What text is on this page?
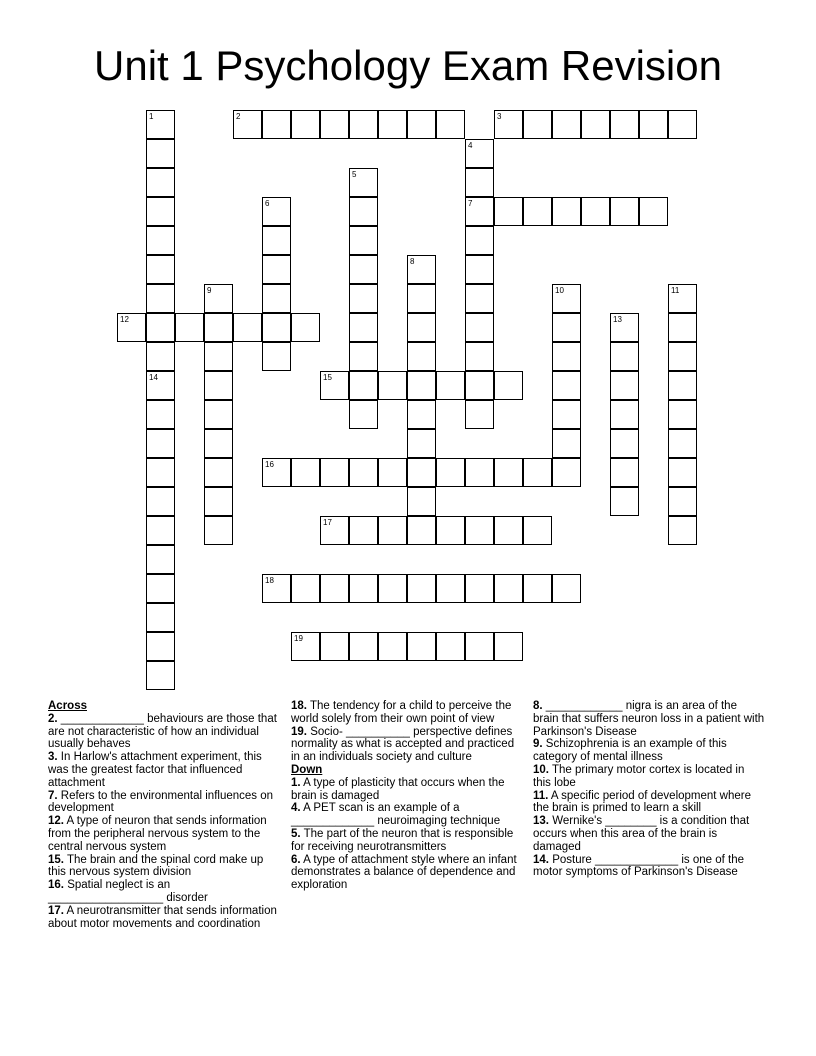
Unit 1 Psychology Exam Revision
1
14
2	3
4
7
5
6
8
9	10	11
12	13
15
16
17
18
19
Across
2. _____________ behaviours are those that are not characteristic of how an individual usually behaves
3. In Harlow's attachment experiment, this was the greatest factor that influenced attachment
7. Refers to the environmental influences on development
12. A type of neuron that sends information from the peripheral nervous system to the central nervous system
15. The brain and the spinal cord make up this nervous system division
16. Spatial neglect is an __________________ disorder
17. A neurotransmitter that sends information about motor movements and coordination
18. The tendency for a child to perceive the world solely from their own point of view
19. Socio- __________ perspective defines normality as what is accepted and practiced in an individuals society and culture
Down
1. A type of plasticity that occurs when the brain is damaged
4. A PET scan is an example of a _____________ neuroimaging technique
5. The part of the neuron that is responsible for receiving neurotransmitters
6. A type of attachment style where an infant demonstrates a balance of dependence and exploration
8. ____________ nigra is an area of the brain that suffers neuron loss in a patient with Parkinson's Disease
9. Schizophrenia is an example of this category of mental illness
10. The primary motor cortex is located in this lobe
11. A specific period of development where the brain is primed to learn a skill
13. Wernike's ________ is a condition that occurs when this area of the brain is damaged
14. Posture _____________ is one of the motor symptoms of Parkinson's Disease
